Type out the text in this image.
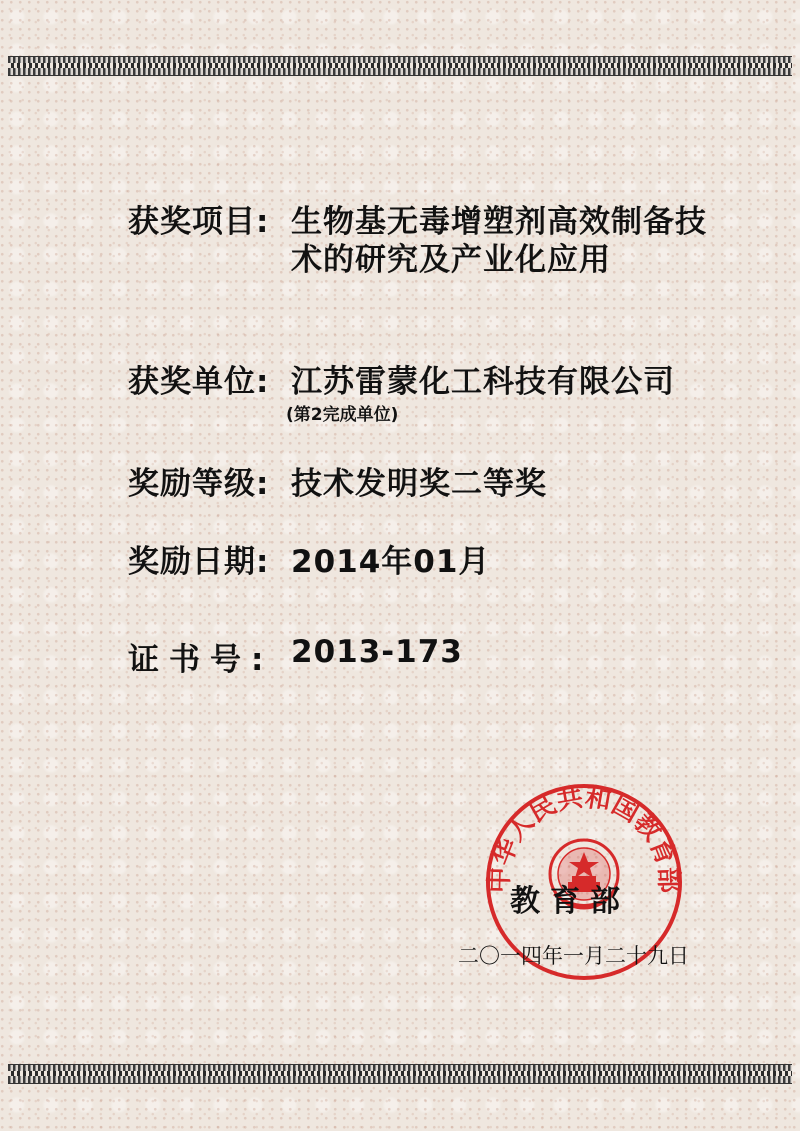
获奖项目: 生物基无毒增塑剂高效制备技
术的研究及产业化应用
获奖单位: 江苏雷蒙化工科技有限公司
(第2完成单位)
奖励等级: 技术发明奖二等奖
奖励日期: 2014年01月
证书号: 2013-173
中华人民共和国教育部
教育部
二〇一四年一月二十九日
